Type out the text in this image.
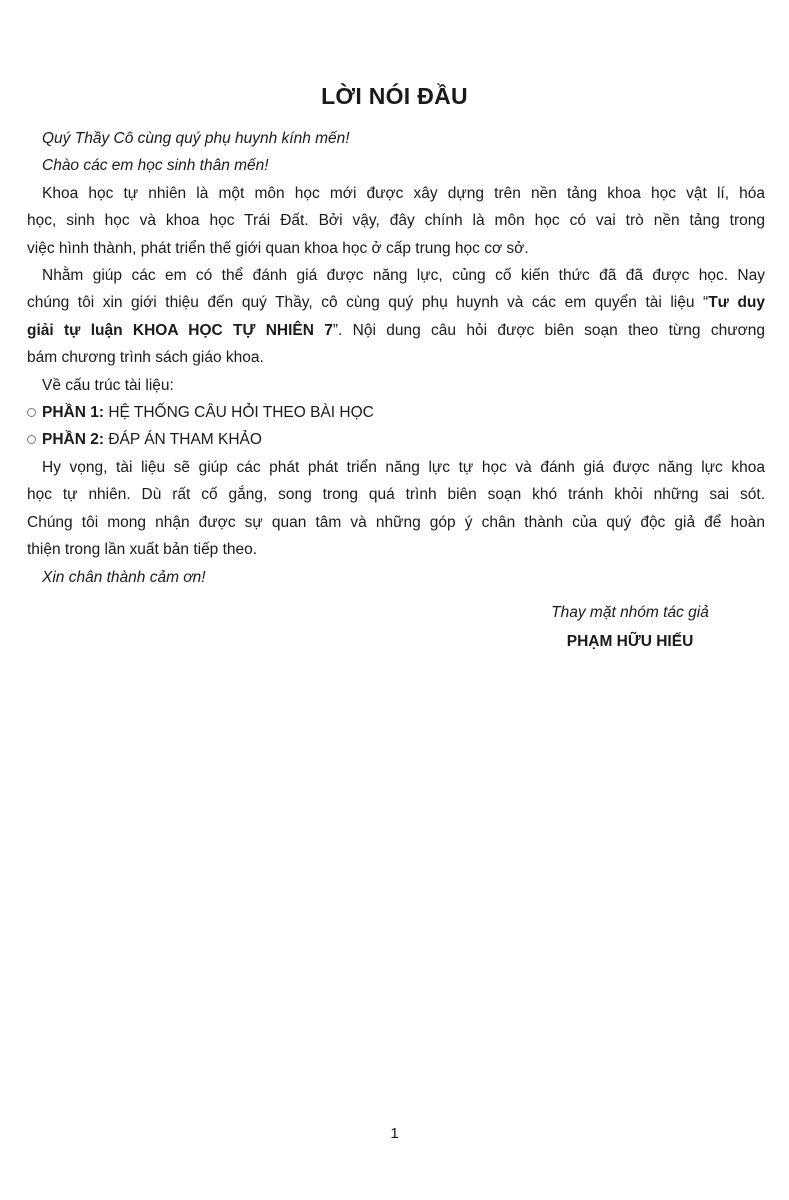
LỜI NÓI ĐẦU

Quý Thầy Cô cùng quý phụ huynh kính mến!

Chào các em học sinh thân mến!

Khoa học tự nhiên là một môn học mới được xây dựng trên nền tảng khoa học vật lí, hóa

học, sinh học và khoa học Trái Đất. Bởi vậy, đây chính là môn học có vai trò nền tảng trong

việc hình thành, phát triển thế giới quan khoa học ở cấp trung học cơ sở.

Nhằm giúp các em có thể đánh giá được năng lực, củng cố kiến thức đã đã được học. Nay

chúng tôi xin giới thiệu đến quý Thầy, cô cùng quý phụ huynh và các em quyển tài liệu “Tư duy

giải tự luận KHOA HỌC TỰ NHIÊN 7”. Nội dung câu hỏi được biên soạn theo từng chương

bám chương trình sách giáo khoa.

Về cấu trúc tài liệu:

PHẦN 1: HỆ THỐNG CÂU HỎI THEO BÀI HỌC

PHẦN 2: ĐÁP ÁN THAM KHẢO

Hy vọng, tài liệu sẽ giúp các phát phát triển năng lực tự học và đánh giá được năng lực khoa

học tự nhiên. Dù rất cố gắng, song trong quá trình biên soạn khó tránh khỏi những sai sót.

Chúng tôi mong nhận được sự quan tâm và những góp ý chân thành của quý độc giả để hoàn

thiện trong lần xuất bản tiếp theo.

Xin chân thành cảm ơn!

Thay mặt nhóm tác giả
PHẠM HỮU HIẾU
1
